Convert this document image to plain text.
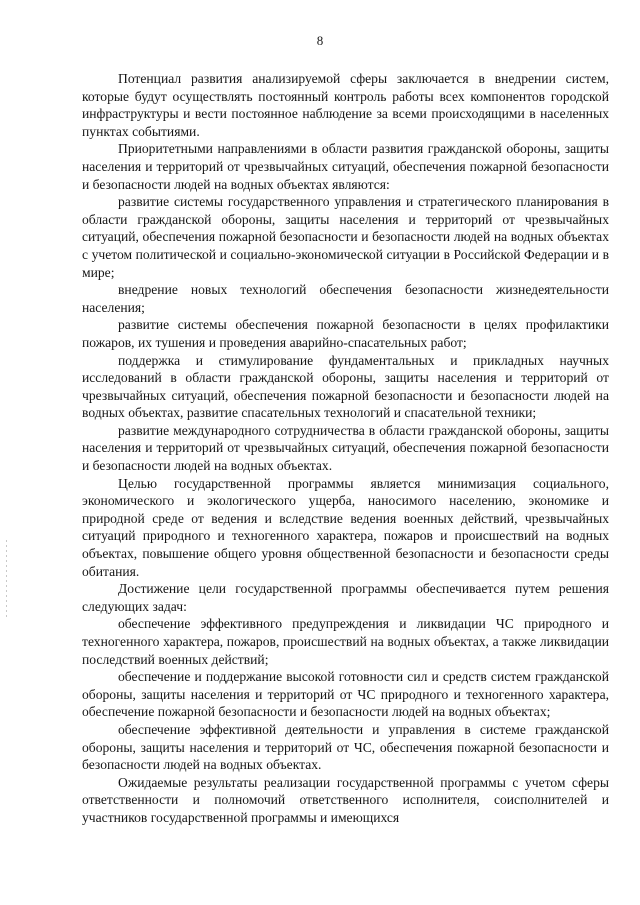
8

Потенциал развития анализируемой сферы заключается в внедрении систем, которые будут осуществлять постоянный контроль работы всех компонентов городской инфраструктуры и вести постоянное наблюдение за всеми происходящими в населенных пунктах событиями.

Приоритетными направлениями в области развития гражданской обороны, защиты населения и территорий от чрезвычайных ситуаций, обеспечения пожарной безопасности и безопасности людей на водных объектах являются:

развитие системы государственного управления и стратегического планирования в области гражданской обороны, защиты населения и территорий от чрезвычайных ситуаций, обеспечения пожарной безопасности и безопасности людей на водных объектах с учетом политической и социально-экономической ситуации в Российской Федерации и в мире;

внедрение новых технологий обеспечения безопасности жизнедеятельности населения;

развитие системы обеспечения пожарной безопасности в целях профилактики пожаров, их тушения и проведения аварийно-спасательных работ;

поддержка и стимулирование фундаментальных и прикладных научных исследований в области гражданской обороны, защиты населения и территорий от чрезвычайных ситуаций, обеспечения пожарной безопасности и безопасности людей на водных объектах, развитие спасательных технологий и спасательной техники;

развитие международного сотрудничества в области гражданской обороны, защиты населения и территорий от чрезвычайных ситуаций, обеспечения пожарной безопасности и безопасности людей на водных объектах.

Целью государственной программы является минимизация социального, экономического и экологического ущерба, наносимого населению, экономике и природной среде от ведения и вследствие ведения военных действий, чрезвычайных ситуаций природного и техногенного характера, пожаров и происшествий на водных объектах, повышение общего уровня общественной безопасности и безопасности среды обитания.

Достижение цели государственной программы обеспечивается путем решения следующих задач:

обеспечение эффективного предупреждения и ликвидации ЧС природного и техногенного характера, пожаров, происшествий на водных объектах, а также ликвидации последствий военных действий;

обеспечение и поддержание высокой готовности сил и средств систем гражданской обороны, защиты населения и территорий от ЧС природного и техногенного характера, обеспечение пожарной безопасности и безопасности людей на водных объектах;

обеспечение эффективной деятельности и управления в системе гражданской обороны, защиты населения и территорий от ЧС, обеспечения пожарной безопасности и безопасности людей на водных объектах.

Ожидаемые результаты реализации государственной программы с учетом сферы ответственности и полномочий ответственного исполнителя, соисполнителей и участников государственной программы и имеющихся
